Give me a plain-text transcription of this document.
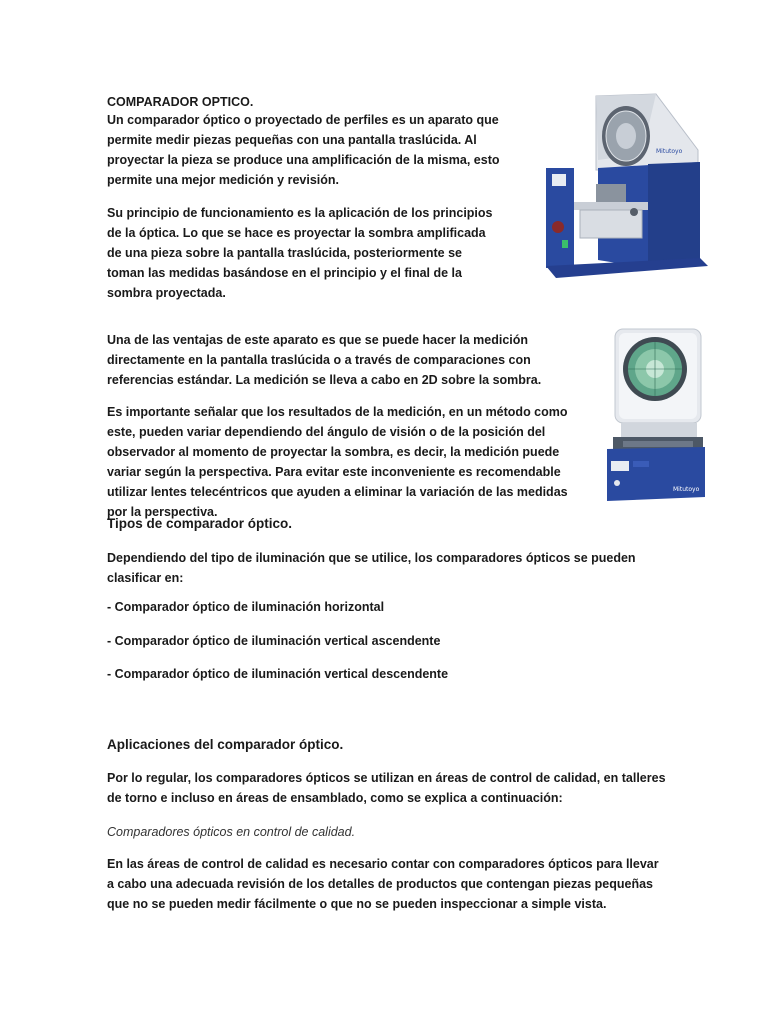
COMPARADOR OPTICO.

Un comparador óptico o proyectado de perfiles es un aparato que permite medir piezas pequeñas con una pantalla traslúcida. Al proyectar la pieza se produce una amplificación de la misma, esto permite una mejor medición y revisión.

Su principio de funcionamiento es la aplicación de los principios de la óptica. Lo que se hace es proyectar la sombra amplificada de una pieza sobre la pantalla traslúcida, posteriormente se toman las medidas basándose en el principio y el final de la sombra proyectada.

Mitutoyo

Una de las ventajas de este aparato es que se puede hacer la medición directamente en la pantalla traslúcida o a través de comparaciones con referencias estándar. La medición se lleva a cabo en 2D sobre la sombra.

Es importante señalar que los resultados de la medición, en un método como este, pueden variar dependiendo del ángulo de visión o de la posición del observador al momento de proyectar la sombra, es decir, la medición puede variar según la perspectiva. Para evitar este inconveniente es recomendable utilizar lentes telecéntricos que ayuden a eliminar la variación de las medidas por la perspectiva.

Mitutoyo

Tipos de comparador óptico.

Dependiendo del tipo de iluminación que se utilice, los comparadores ópticos se pueden clasificar en:

- Comparador óptico de iluminación horizontal
- Comparador óptico de iluminación vertical ascendente
- Comparador óptico de iluminación vertical descendente

Aplicaciones del comparador óptico.

Por lo regular, los comparadores ópticos se utilizan en áreas de control de calidad, en talleres de torno e incluso en áreas de ensamblado, como se explica a continuación:

Comparadores ópticos en control de calidad.

En las áreas de control de calidad es necesario contar con comparadores ópticos para llevar a cabo una adecuada revisión de los detalles de productos que contengan piezas pequeñas que no se pueden medir fácilmente o que no se pueden inspeccionar a simple vista.
